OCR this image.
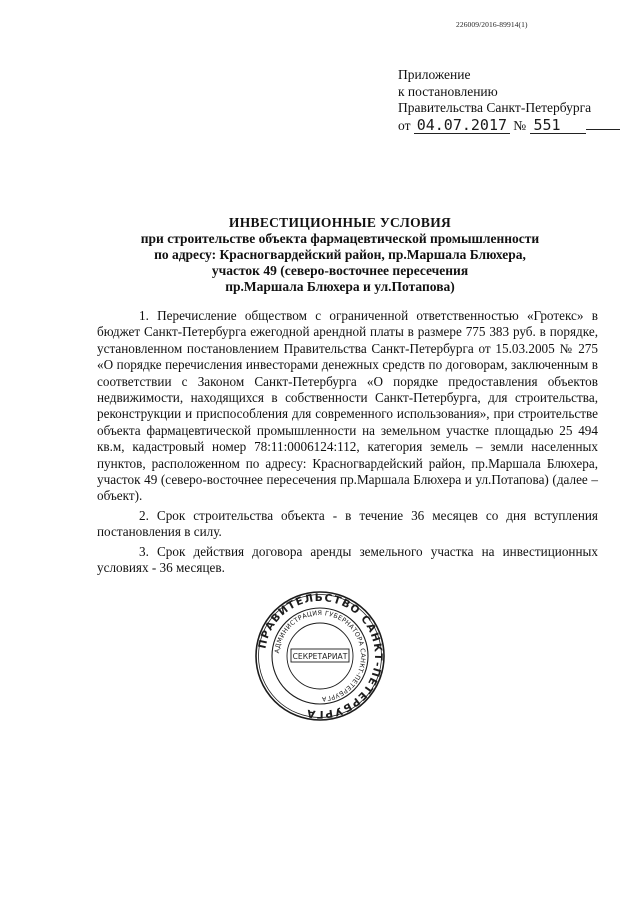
226009/2016-89914(1)
Приложение
к постановлению
Правительства Санкт-Петербурга
от 04.07.2017 № 551
ИНВЕСТИЦИОННЫЕ УСЛОВИЯ
при строительстве объекта фармацевтической промышленности
по адресу: Красногвардейский район, пр.Маршала Блюхера,
участок 49 (северо-восточнее пересечения
пр.Маршала Блюхера и ул.Потапова)

1. Перечисление обществом с ограниченной ответственностью «Гротекс» в бюджет Санкт-Петербурга ежегодной арендной платы в размере 775 383 руб. в порядке, установленном постановлением Правительства Санкт-Петербурга от 15.03.2005 № 275 «О порядке перечисления инвесторами денежных средств по договорам, заключенным в соответствии с Законом Санкт-Петербурга «О порядке предоставления объектов недвижимости, находящихся в собственности Санкт-Петербурга, для строительства, реконструкции и приспособления для современного использования», при строительстве объекта фармацевтической промышленности на земельном участке площадью 25 494 кв.м, кадастровый номер 78:11:0006124:112, категория земель – земли населенных пунктов, расположенном по адресу: Красногвардейский район, пр.Маршала Блюхера, участок 49 (северо-восточнее пересечения пр.Маршала Блюхера и ул.Потапова) (далее – объект).

2. Срок строительства объекта - в течение 36 месяцев со дня вступления постановления в силу.

3. Срок действия договора аренды земельного участка на инвестиционных условиях - 36 месяцев.

ПРАВИТЕЛЬСТВО САНКТ-ПЕТЕРБУРГА
АДМИНИСТРАЦИЯ ГУБЕРНАТОРА САНКТ-ПЕТЕРБУРГА
СЕКРЕТАРИАТ
